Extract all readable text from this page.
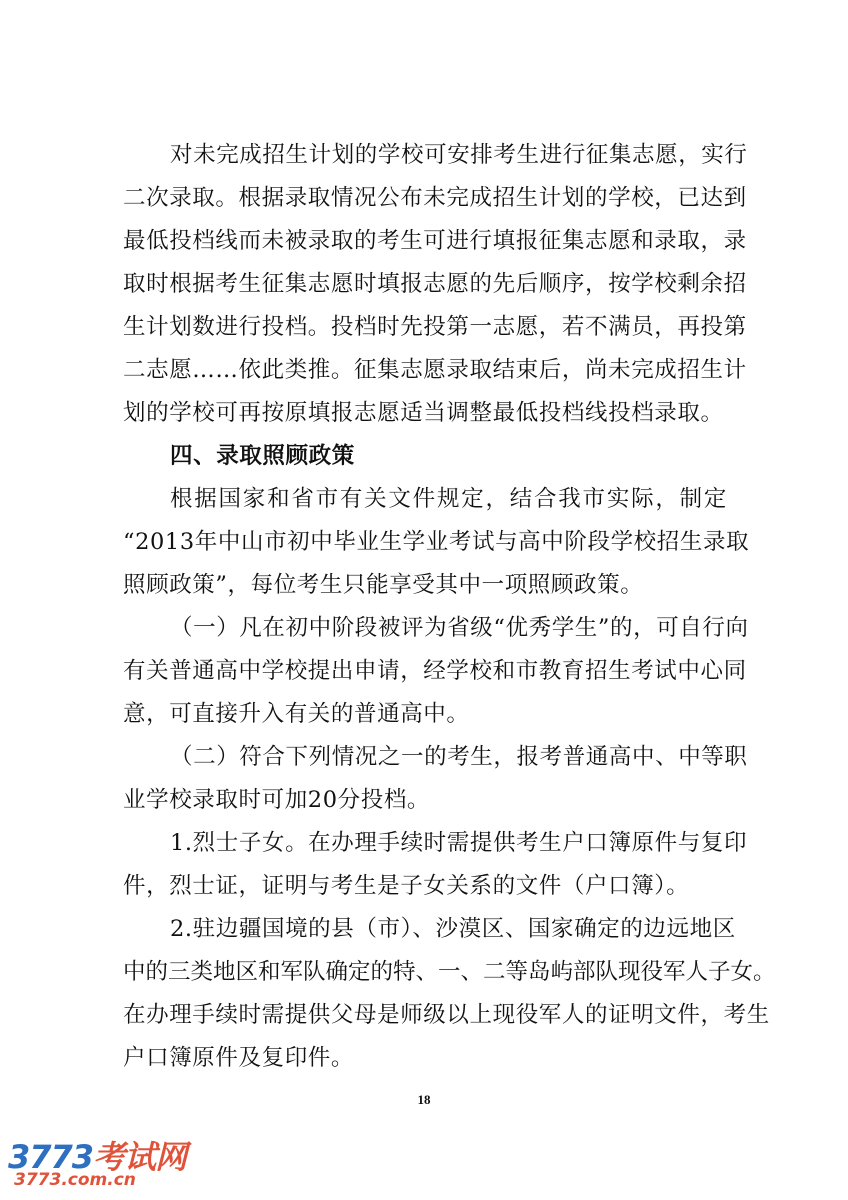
对未完成招生计划的学校可安排考生进行征集志愿，实行
二次录取。根据录取情况公布未完成招生计划的学校，已达到
最低投档线而未被录取的考生可进行填报征集志愿和录取，录
取时根据考生征集志愿时填报志愿的先后顺序，按学校剩余招
生计划数进行投档。投档时先投第一志愿，若不满员，再投第
二志愿……依此类推。征集志愿录取结束后，尚未完成招生计
划的学校可再按原填报志愿适当调整最低投档线投档录取。
四、录取照顾政策
根据国家和省市有关文件规定，结合我市实际，制定
“2013年中山市初中毕业生学业考试与高中阶段学校招生录取
照顾政策”，每位考生只能享受其中一项照顾政策。
（一）凡在初中阶段被评为省级“优秀学生”的，可自行向
有关普通高中学校提出申请，经学校和市教育招生考试中心同
意，可直接升入有关的普通高中。
（二）符合下列情况之一的考生，报考普通高中、中等职
业学校录取时可加20分投档。
1.烈士子女。在办理手续时需提供考生户口簿原件与复印
件，烈士证，证明与考生是子女关系的文件（户口簿）。
2.驻边疆国境的县（市）、沙漠区、国家确定的边远地区
中的三类地区和军队确定的特、一、二等岛屿部队现役军人子女。
在办理手续时需提供父母是师级以上现役军人的证明文件，考生
户口簿原件及复印件。
18
3773考试网
3773.com.cn
